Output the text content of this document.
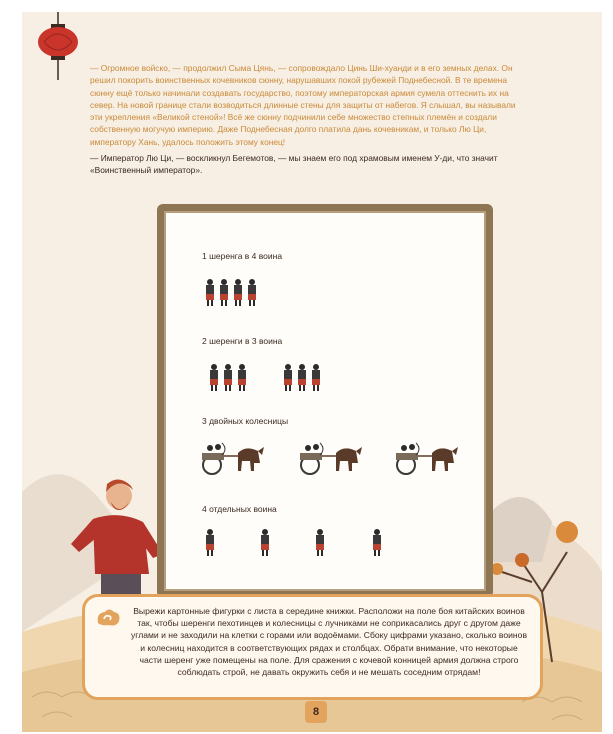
— Огромное войско, — продолжил Сыма Цянь, — сопровождало Цинь Ши-хуанди и в его земных делах. Он решил покорить воинственных кочевников сюнну, нарушавших покой рубежей Поднебесной. В те времена сюнну ещё только начинали создавать государство, поэтому императорская армия сумела оттеснить их на север. На новой границе стали возводиться длинные стены для защиты от набегов. Я слышал, вы называли эти укрепления «Великой стеной»! Всё же сюнну подчинили себе множество степных племён и создали собственную могучую империю. Даже Поднебесная долго платила дань кочевникам, и только Лю Ци, императору Хань, удалось положить этому конец!

— Император Лю Ци, — воскликнул Бегемотов, — мы знаем его под храмовым именем У-ди, что значит «Воинственный император».

1 шеренга в 4 воина
2 шеренги в 3 воина
3 двойных колесницы
4 отдельных воина
Вырежи картонные фигурки с листа в середине книжки. Расположи на поле боя китайских воинов так, чтобы шеренги пехотинцев и колесницы с лучниками не соприкасались друг с другом даже углами и не заходили на клетки с горами или водоёмами. Сбоку цифрами указано, сколько воинов и колесниц находится в соответствующих рядах и столбцах. Обрати внимание, что некоторые части шеренг уже помещены на поле. Для сражения с кочевой конницей армия должна строго соблюдать строй, не давать окружить себя и не мешать соседним отрядам!
8
